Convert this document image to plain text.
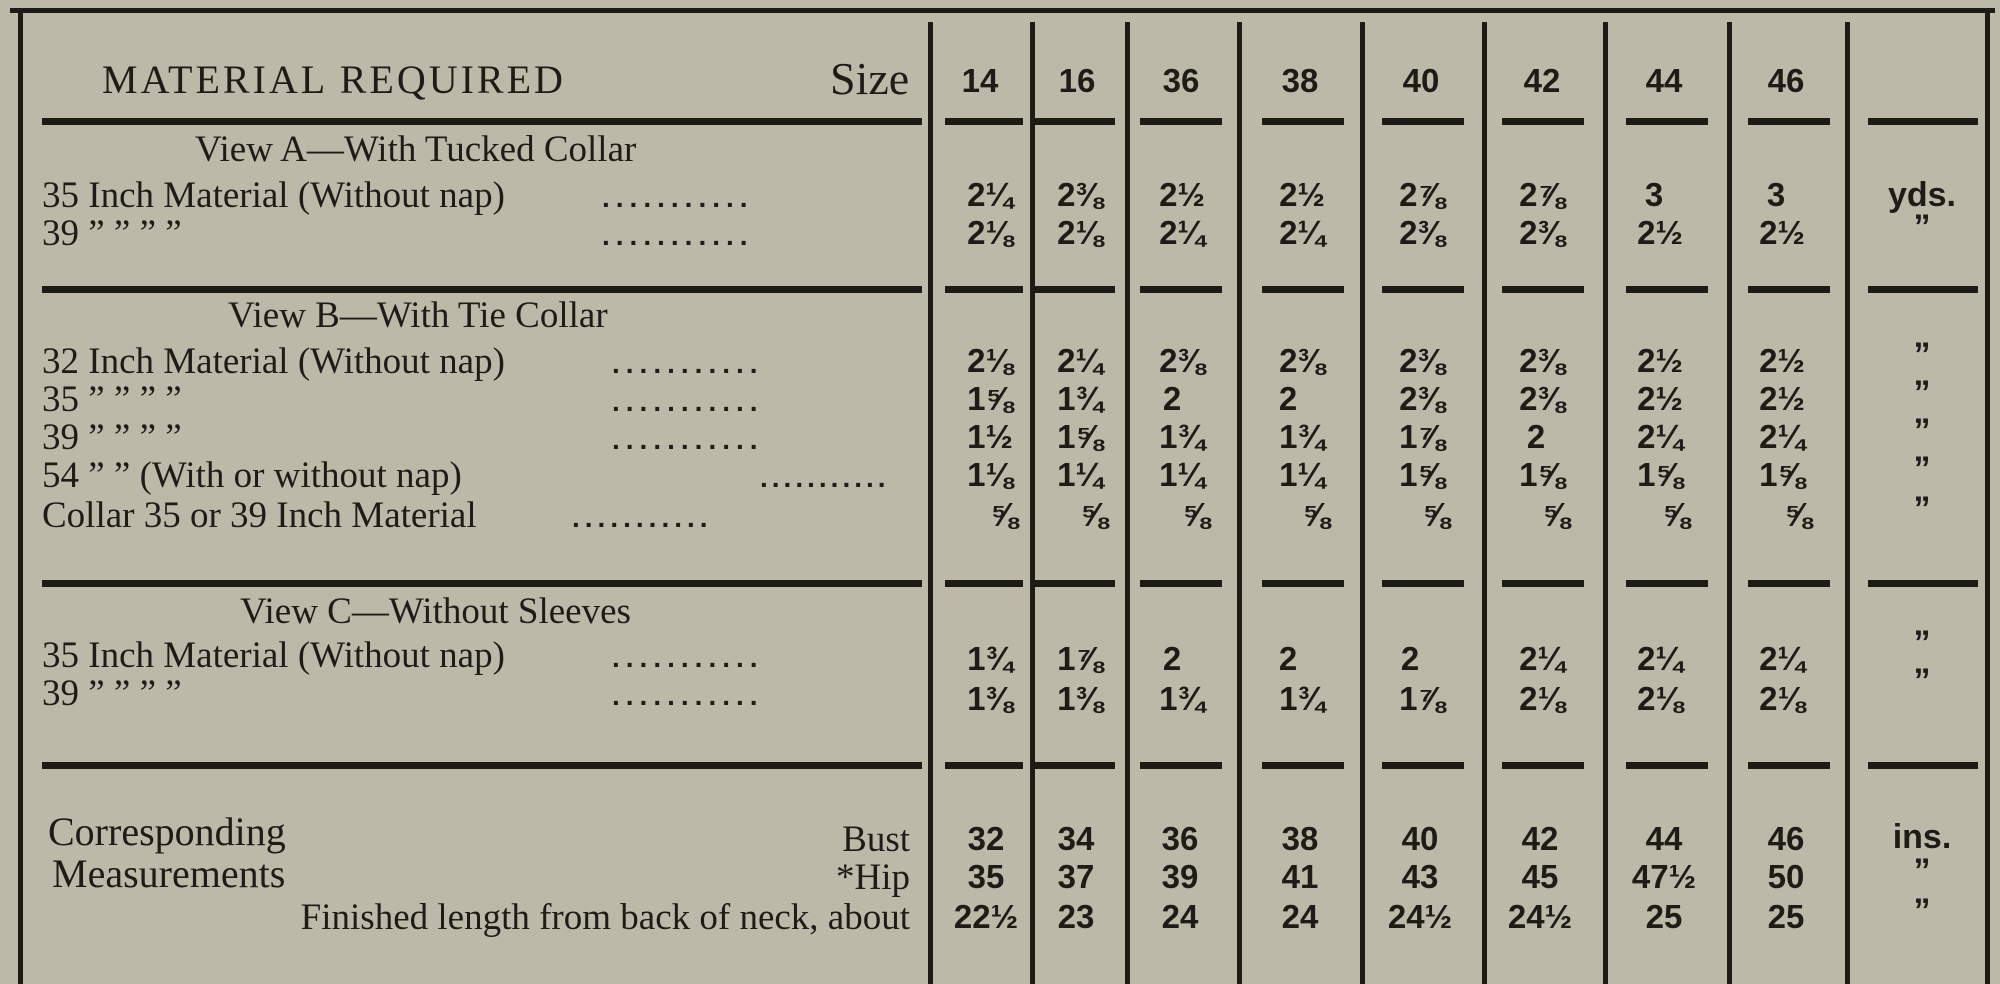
MATERIAL REQUIRED	Size	14	16	36	38	40	42	44	46
View A—With Tucked Collar
35 Inch Material (Without nap)	...........	2¼	2⅜	2½	2½	2⅞	2⅞	3	3	yds.
39 ” ” ” ”	...........	2⅛	2⅛	2¼	2¼	2⅜	2⅜	2½	2½	”
View B—With Tie Collar
32 Inch Material (Without nap)	...........	2⅛	2¼	2⅜	2⅜	2⅜	2⅜	2½	2½	”
35 ” ” ” ”	...........	1⅝	1¾	2	2	2⅜	2⅜	2½	2½	”
39 ” ” ” ”	...........	1½	1⅝	1¾	1¾	1⅞	2	2¼	2¼	”
54 ” ” (With or without nap)	...........	1⅛	1¼	1¼	1¼	1⅝	1⅝	1⅝	1⅝	”
Collar 35 or 39 Inch Material	...........	⅝	⅝	⅝	⅝	⅝	⅝	⅝	⅝	”
View C—Without Sleeves
35 Inch Material (Without nap)	...........	1¾	1⅞	2	2	2	2¼	2¼	2¼	”
39 ” ” ” ”	...........	1⅜	1⅜	1¾	1¾	1⅞	2⅛	2⅛	2⅛	”
Corresponding
Measurements
Bust	32	34	36	38	40	42	44	46	ins.
*Hip	35	37	39	41	43	45	47½	50	”
Finished length from back of neck, about	22½	23	24	24	24½	24½	25	25	”
